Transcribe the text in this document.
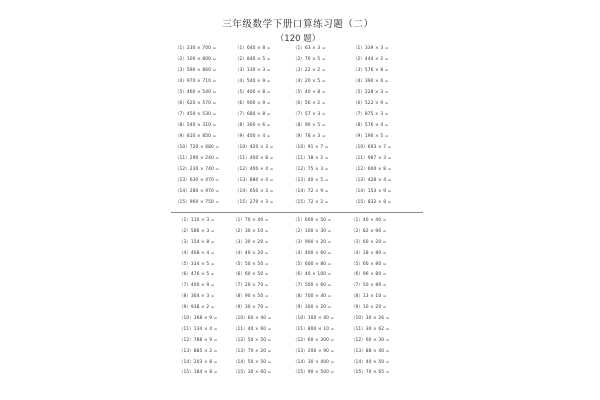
三年级数学下册口算练习题（二）
（120 题）
（1）230 × 700 =
（2）100 × 800 =
（3）590 × 860 =
（4）970 × 710 =
（5）460 × 540 =
（6）620 × 570 =
（7）450 × 530 =
（8）540 × 310 =
（9）810 × 850 =
（10）720 × 680 =
（11）290 × 240 =
（12）230 × 740 =
（13）630 × 470 =
（14）280 × 970 =
（15）960 × 750 =
（1）640 × 8 =
（2）840 × 5 =
（3）130 × 3 =
（4）540 × 9 =
（5）400 × 8 =
（6）900 × 9 =
（7）680 × 8 =
（8）300 × 6 =
（9）400 × 4 =
（10）420 × 3 =
（11）400 × 8 =
（12）400 × 4 =
（13）880 × 4 =
（14）650 × 3 =
（15）270 × 3 =
（1）63 × 3 =
（2）70 × 5 =
（3）22 × 2 =
（4）20 × 5 =
（5）40 × 8 =
（6）56 × 2 =
（7）57 × 3 =
（8）90 × 5 =
（9）78 × 3 =
（10）91 × 7 =
（11）18 × 2 =
（12）75 × 3 =
（13）40 × 5 =
（14）72 × 9 =
（15）72 × 2 =
（1）339 × 3 =
（2）444 × 2 =
（3）576 × 8 =
（4）390 × 6 =
（5）228 × 3 =
（6）522 × 9 =
（7）875 × 3 =
（8）576 × 4 =
（9）190 × 5 =
（10）693 × 7 =
（11）987 × 3 =
（12）600 × 8 =
（13）428 × 4 =
（14）153 × 9 =
（15）832 × 8 =
（1）110 × 3 =
（2）586 × 3 =
（3）154 × 8 =
（4）468 × 4 =
（5）334 × 5 =
（6）476 × 5 =
（7）400 × 9 =
（8）364 × 3 =
（9）938 × 2 =
（10）368 × 9 =
（11）134 × 4 =
（12）788 × 9 =
（13）885 × 2 =
（14）203 × 8 =
（15）184 × 8 =
（1）70 × 40 =
（2）30 × 10 =
（3）30 × 20 =
（4）40 × 20 =
（5）50 × 50 =
（6）60 × 50 =
（7）20 × 70 =
（8）90 × 50 =
（9）30 × 70 =
（10）60 × 40 =
（11）40 × 60 =
（12）50 × 50 =
（13）70 × 20 =
（14）50 × 50 =
（15）30 × 60 =
（1）600 × 50 =
（2）100 × 30 =
（3）900 × 20 =
（4）400 × 60 =
（5）600 × 80 =
（6）40 × 100 =
（7）500 × 60 =
（8）700 × 40 =
（9）300 × 20 =
（10）100 × 40 =
（11）800 × 10 =
（12）60 × 300 =
（13）200 × 90 =
（14）30 × 400 =
（15）90 × 500 =
（1）40 × 40 =
（2）82 × 90 =
（3）60 × 20 =
（4）18 × 80 =
（5）60 × 80 =
（6）96 × 80 =
（7）50 × 86 =
（8）13 × 10 =
（9）10 × 20 =
（10）30 × 26 =
（11）30 × 62 =
（12）60 × 30 =
（13）88 × 40 =
（14）40 × 50 =
（15）70 × 65 =
